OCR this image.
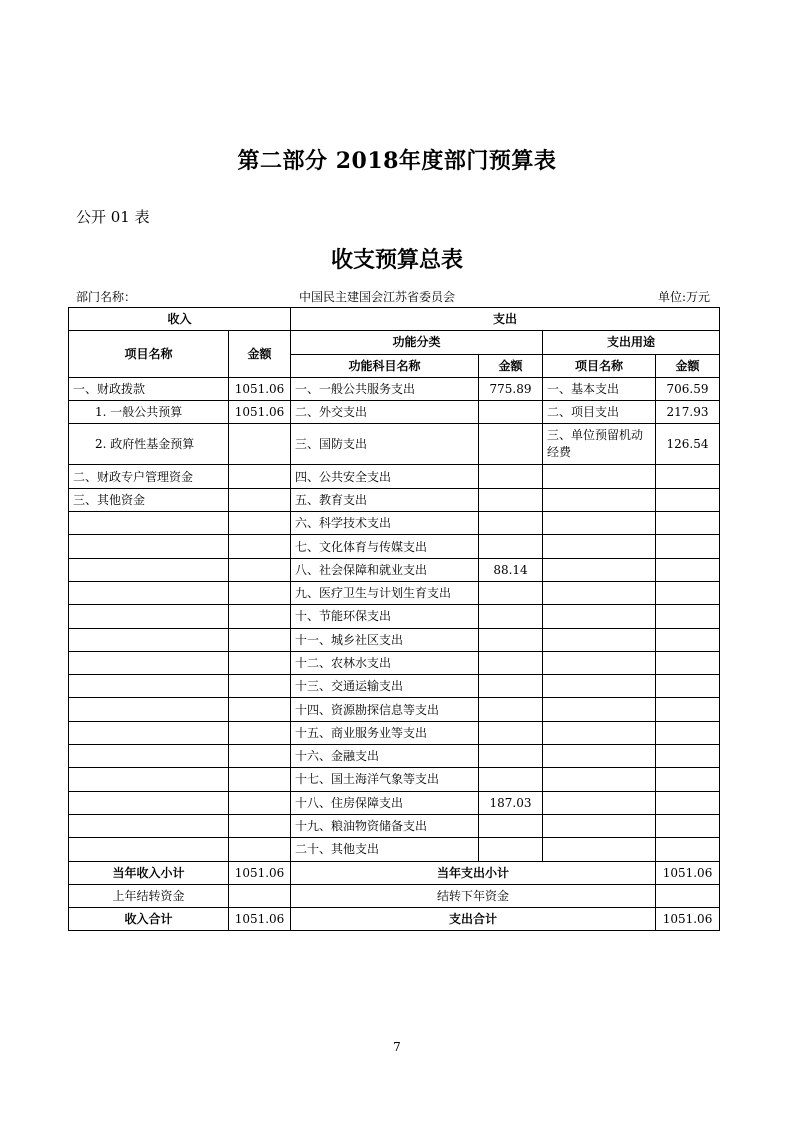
第二部分 2018年度部门预算表

公开 01 表

收支预算总表
部门名称：	中国民主建国会江苏省委员会	单位:万元
收入		支出			
项目名称	金额	功能分类		支出用途	
		功能科目名称	金额	项目名称	金额
一、财政拨款	1051.06	一、一般公共服务支出	775.89	一、基本支出	706.59
1. 一般公共预算	1051.06	二、外交支出		二、项目支出	217.93
2. 政府性基金预算		三、国防支出		三、单位预留机动经费	126.54
二、财政专户管理资金		四、公共安全支出			
三、其他资金		五、教育支出			
		六、科学技术支出			
		七、文化体育与传媒支出			
		八、社会保障和就业支出	88.14		
		九、医疗卫生与计划生育支出			
		十、节能环保支出			
		十一、城乡社区支出			
		十二、农林水支出			
		十三、交通运输支出			
		十四、资源勘探信息等支出			
		十五、商业服务业等支出			
		十六、金融支出			
		十七、国土海洋气象等支出			
		十八、住房保障支出	187.03		
		十九、粮油物资储备支出			
		二十、其他支出			
当年收入小计	1051.06	当年支出小计			1051.06
上年结转资金		结转下年资金			
收入合计	1051.06	支出合计			1051.06
7
